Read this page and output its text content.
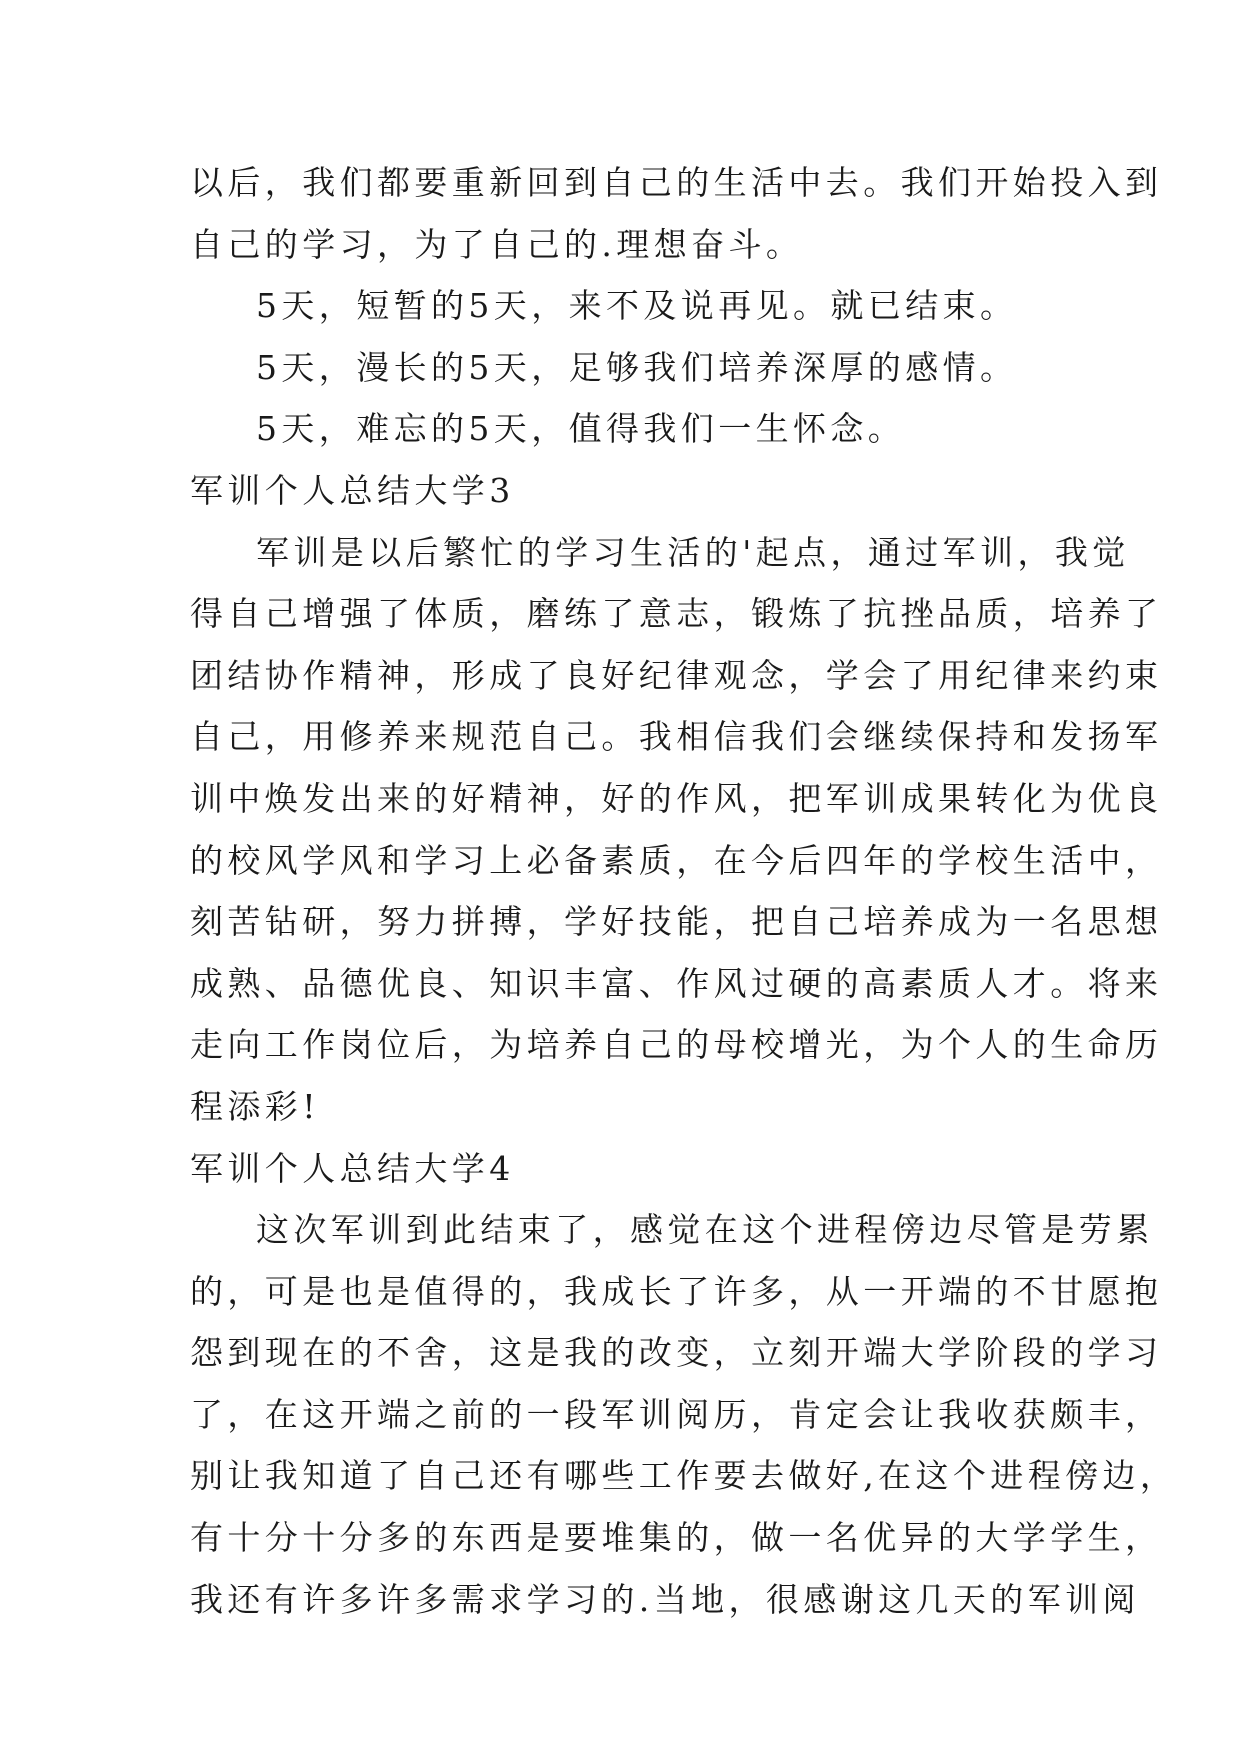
以后，我们都要重新回到自己的生活中去。我们开始投入到
自己的学习，为了自己的.理想奋斗。
5天，短暂的5天，来不及说再见。就已结束。
5天，漫长的5天，足够我们培养深厚的感情。
5天，难忘的5天，值得我们一生怀念。
军训个人总结大学3
军训是以后繁忙的学习生活的'起点，通过军训，我觉
得自己增强了体质，磨练了意志，锻炼了抗挫品质，培养了
团结协作精神，形成了良好纪律观念，学会了用纪律来约束
自己，用修养来规范自己。我相信我们会继续保持和发扬军
训中焕发出来的好精神，好的作风，把军训成果转化为优良
的校风学风和学习上必备素质，在今后四年的学校生活中，
刻苦钻研，努力拼搏，学好技能，把自己培养成为一名思想
成熟、品德优良、知识丰富、作风过硬的高素质人才。将来
走向工作岗位后，为培养自己的母校增光，为个人的生命历
程添彩!
军训个人总结大学4
这次军训到此结束了，感觉在这个进程傍边尽管是劳累
的，可是也是值得的，我成长了许多，从一开端的不甘愿抱
怨到现在的不舍，这是我的改变，立刻开端大学阶段的学习
了，在这开端之前的一段军训阅历，肯定会让我收获颇丰，
别让我知道了自己还有哪些工作要去做好,在这个进程傍边，
有十分十分多的东西是要堆集的，做一名优异的大学学生，
我还有许多许多需求学习的.当地，很感谢这几天的军训阅
